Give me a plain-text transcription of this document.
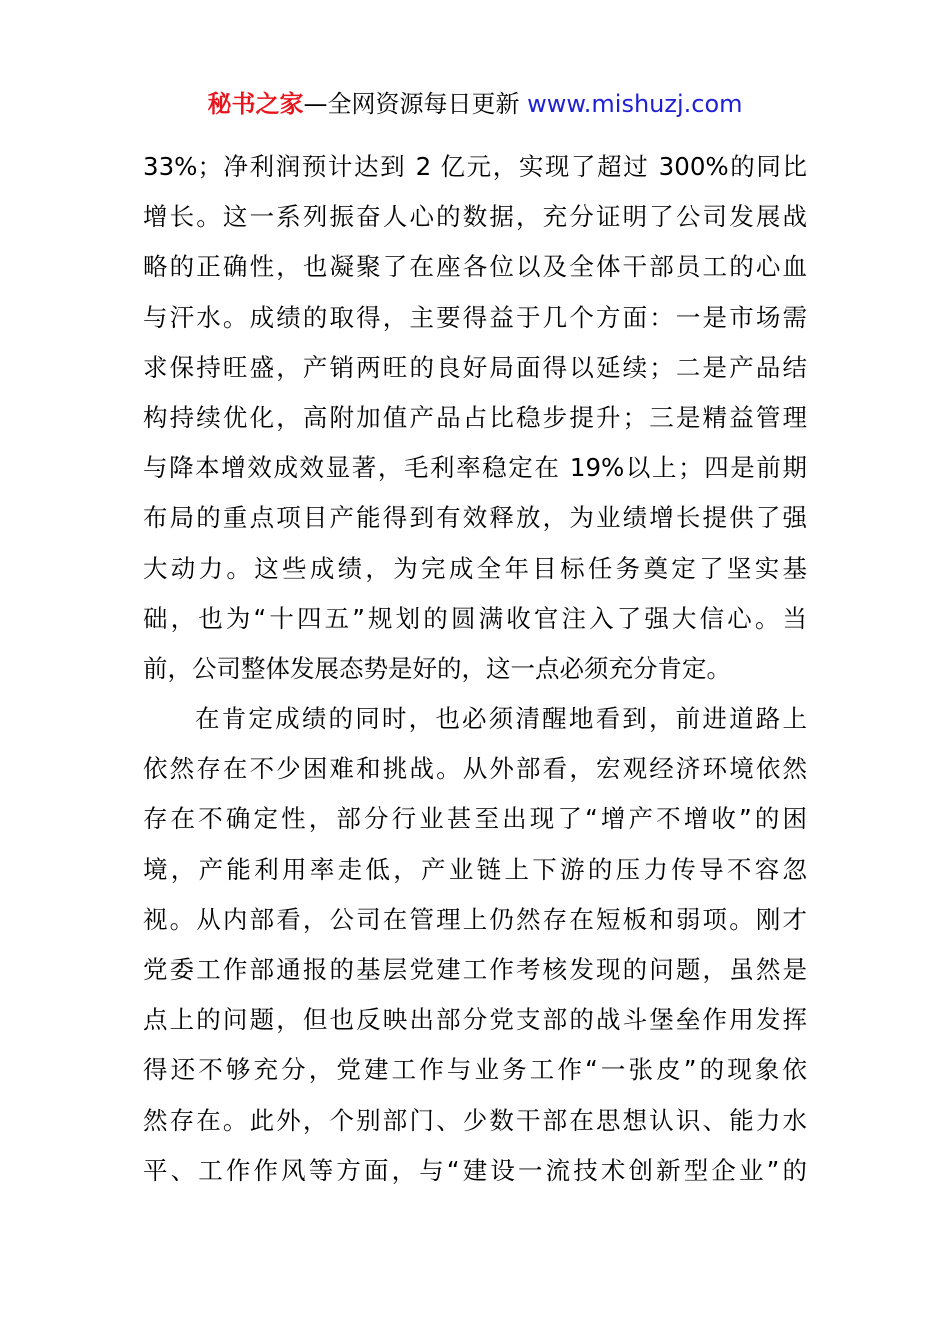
秘书之家—全网资源每日更新 www.mishuzj.com
33%；净利润预计达到 2 亿元，实现了超过 300%的同比
增长。这一系列振奋人心的数据，充分证明了公司发展战
略的正确性，也凝聚了在座各位以及全体干部员工的心血
与汗水。成绩的取得，主要得益于几个方面：一是市场需
求保持旺盛，产销两旺的良好局面得以延续；二是产品结
构持续优化，高附加值产品占比稳步提升；三是精益管理
与降本增效成效显著，毛利率稳定在 19%以上；四是前期
布局的重点项目产能得到有效释放，为业绩增长提供了强
大动力。这些成绩，为完成全年目标任务奠定了坚实基
础，也为“十四五”规划的圆满收官注入了强大信心。当
前，公司整体发展态势是好的，这一点必须充分肯定。
在肯定成绩的同时，也必须清醒地看到，前进道路上
依然存在不少困难和挑战。从外部看，宏观经济环境依然
存在不确定性，部分行业甚至出现了“增产不增收”的困
境，产能利用率走低，产业链上下游的压力传导不容忽
视。从内部看，公司在管理上仍然存在短板和弱项。刚才
党委工作部通报的基层党建工作考核发现的问题，虽然是
点上的问题，但也反映出部分党支部的战斗堡垒作用发挥
得还不够充分，党建工作与业务工作“一张皮”的现象依
然存在。此外，个别部门、少数干部在思想认识、能力水
平、工作作风等方面，与“建设一流技术创新型企业”的
